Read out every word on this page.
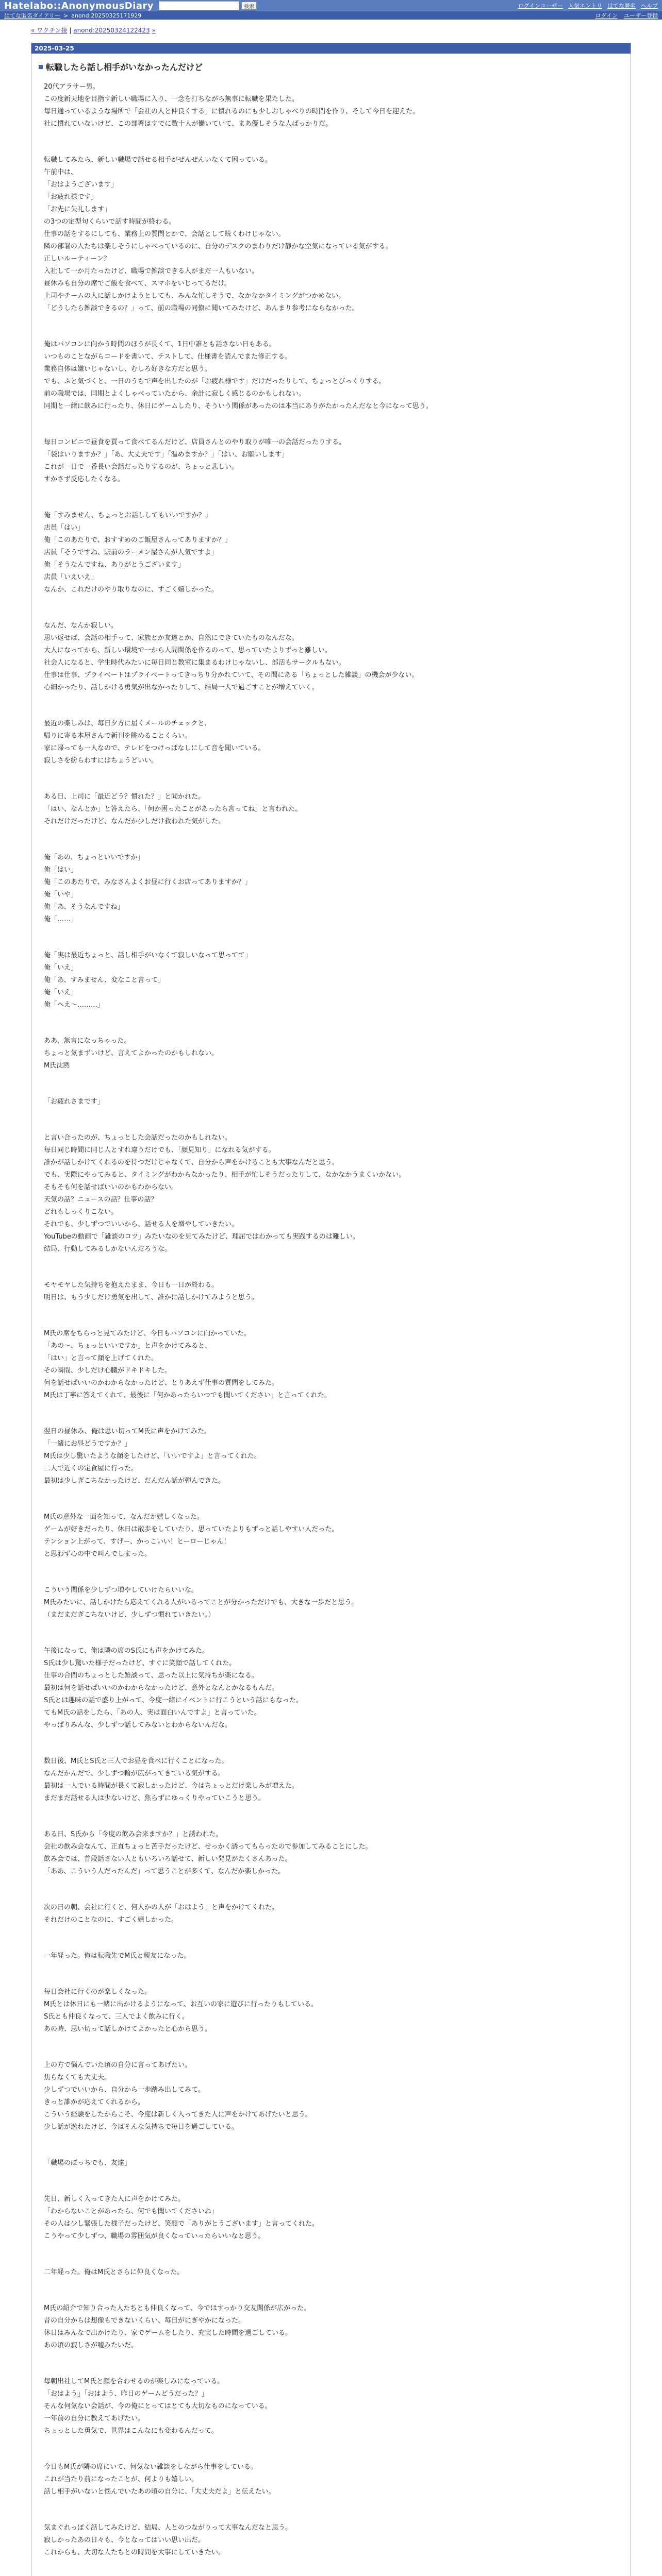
Hatelabo::AnonymousDiary	検索	ログインユーザー 人気エントリ はてな匿名 ヘルプ
はてな匿名ダイアリー > anond:20250325171929	ログイン ユーザー登録
« ワクチン接 | anond:20250324122423 »
2025-03-25
転職したら話し相手がいなかったんだけど
20代アラサー男。
この度新天地を目指す新しい職場に入り、一念を打ちながら無事に転職を果たした。
毎日通っているような場所で「会社の人と仲良くする」に慣れるのにも少しおしゃべりの時間を作り、そして今日を迎えた。
社に慣れていないけど、この部署はすでに数十人が働いていて、まあ優しそうな人ばっかりだ。
転職してみたら、新しい職場で話せる相手がぜんぜんいなくて困っている。
午前中は、
「おはようございます」
「お疲れ様です」
「お先に失礼します」
の3つの定型句くらいで話す時間が終わる。
仕事の話をするにしても、業務上の質問とかで、会話として続くわけじゃない。
隣の部署の人たちは楽しそうにしゃべっているのに、自分のデスクのまわりだけ静かな空気になっている気がする。
正しいルーティーン？
入社して一か月たったけど、職場で雑談できる人がまだ一人もいない。
昼休みも自分の席でご飯を食べて、スマホをいじってるだけ。
上司やチームの人に話しかけようとしても、みんな忙しそうで、なかなかタイミングがつかめない。
「どうしたら雑談できるの？」って、前の職場の同僚に聞いてみたけど、あんまり参考にならなかった。
俺はパソコンに向かう時間のほうが長くて、1日中誰とも話さない日もある。
いつものことながらコードを書いて、テストして、仕様書を読んでまた修正する。
業務自体は嫌いじゃないし、むしろ好きな方だと思う。
でも、ふと気づくと、一日のうちで声を出したのが「お疲れ様です」だけだったりして、ちょっとびっくりする。
前の職場では、同期とよくしゃべっていたから、余計に寂しく感じるのかもしれない。
同期と一緒に飲みに行ったり、休日にゲームしたり、そういう関係があったのは本当にありがたかったんだなと今になって思う。
毎日コンビニで昼食を買って食べてるんだけど、店員さんとのやり取りが唯一の会話だったりする。
「袋はいりますか？」「あ、大丈夫です」「温めますか？」「はい、お願いします」
これが一日で一番長い会話だったりするのが、ちょっと悲しい。
すかさず反応したくなる。
俺「すみません、ちょっとお話ししてもいいですか？」
店員「はい」
俺「このあたりで、おすすめのご飯屋さんってありますか？」
店員「そうですね、駅前のラーメン屋さんが人気ですよ」
俺「そうなんですね、ありがとうございます」
店員「いえいえ」
なんか、これだけのやり取りなのに、すごく嬉しかった。
なんだ、なんか寂しい。
思い返せば、会話の相手って、家族とか友達とか、自然にできていたものなんだな。
大人になってから、新しい環境で一から人間関係を作るのって、思っていたよりずっと難しい。
社会人になると、学生時代みたいに毎日同じ教室に集まるわけじゃないし、部活もサークルもない。
仕事は仕事、プライベートはプライベートってきっちり分かれていて、その間にある「ちょっとした雑談」の機会が少ない。
心細かったり、話しかける勇気が出なかったりして、結局一人で過ごすことが増えていく。
最近の楽しみは、毎日夕方に届くメールのチェックと、
帰りに寄る本屋さんで新刊を眺めることくらい。
家に帰っても一人なので、テレビをつけっぱなしにして音を聞いている。
寂しさを紛らわすにはちょうどいい。
ある日、上司に「最近どう？慣れた？」と聞かれた。
「はい、なんとか」と答えたら、「何か困ったことがあったら言ってね」と言われた。
それだけだったけど、なんだか少しだけ救われた気がした。
俺「あの、ちょっといいですか」
俺「はい」
俺「このあたりで、みなさんよくお昼に行くお店ってありますか？」
俺「いや」
俺「あ、そうなんですね」
俺「……」
俺「実は最近ちょっと、話し相手がいなくて寂しいなって思ってて」
俺「いえ」
俺「あ、すみません、変なこと言って」
俺「いえ」
俺「へえ〜………」
ああ、無言になっちゃった。
ちょっと気まずいけど、言えてよかったのかもしれない。
M氏沈黙
「お疲れさまです」
と言い合ったのが、ちょっとした会話だったのかもしれない。
毎日同じ時間に同じ人とすれ違うだけでも、「顔見知り」になれる気がする。
誰かが話しかけてくれるのを待つだけじゃなくて、自分から声をかけることも大事なんだと思う。
でも、実際にやってみると、タイミングがわからなかったり、相手が忙しそうだったりして、なかなかうまくいかない。
そもそも何を話せばいいのかもわからない。
天気の話？ニュースの話？仕事の話？
どれもしっくりこない。
それでも、少しずつでいいから、話せる人を増やしていきたい。
YouTubeの動画で「雑談のコツ」みたいなのを見てみたけど、理屈ではわかっても実践するのは難しい。
結局、行動してみるしかないんだろうな。
モヤモヤした気持ちを抱えたまま、今日も一日が終わる。
明日は、もう少しだけ勇気を出して、誰かに話しかけてみようと思う。
M氏の席をちらっと見てみたけど、今日もパソコンに向かっていた。
「あの〜、ちょっといいですか」と声をかけてみると、
「はい」と言って顔を上げてくれた。
その瞬間、少しだけ心臓がドキドキした。
何を話せばいいのかわからなかったけど、とりあえず仕事の質問をしてみた。
M氏は丁寧に答えてくれて、最後に「何かあったらいつでも聞いてください」と言ってくれた。
翌日の昼休み、俺は思い切ってM氏に声をかけてみた。
「一緒にお昼どうですか？」
M氏は少し驚いたような顔をしたけど、「いいですよ」と言ってくれた。
二人で近くの定食屋に行った。
最初は少しぎこちなかったけど、だんだん話が弾んできた。
M氏の意外な一面を知って、なんだか嬉しくなった。
ゲームが好きだったり、休日は散歩をしていたり、思っていたよりもずっと話しやすい人だった。
テンション上がって、すげー、かっこいい！ヒーローじゃん！
と思わず心の中で叫んでしまった。
こういう関係を少しずつ増やしていけたらいいな。
M氏みたいに、話しかけたら応えてくれる人がいるってことが分かっただけでも、大きな一歩だと思う。
（まだまだぎこちないけど、少しずつ慣れていきたい。）
午後になって、俺は隣の席のS氏にも声をかけてみた。
S氏は少し驚いた様子だったけど、すぐに笑顔で話してくれた。
仕事の合間のちょっとした雑談って、思った以上に気持ちが楽になる。
最初は何を話せばいいのかわからなかったけど、意外となんとかなるもんだ。
S氏とは趣味の話で盛り上がって、今度一緒にイベントに行こうという話にもなった。
てもM氏の話をしたら、「あの人、実は面白いんですよ」と言っていた。
やっぱりみんな、少しずつ話してみないとわからないんだな。
数日後、M氏とS氏と三人でお昼を食べに行くことになった。
なんだかんだで、少しずつ輪が広がってきている気がする。
最初は一人でいる時間が長くて寂しかったけど、今はちょっとだけ楽しみが増えた。
まだまだ話せる人は少ないけど、焦らずにゆっくりやっていこうと思う。
ある日、S氏から「今度の飲み会来ますか？」と誘われた。
会社の飲み会なんて、正直ちょっと苦手だったけど、せっかく誘ってもらったので参加してみることにした。
飲み会では、普段話さない人ともいろいろ話せて、新しい発見がたくさんあった。
「ああ、こういう人だったんだ」って思うことが多くて、なんだか楽しかった。
次の日の朝、会社に行くと、何人かの人が「おはよう」と声をかけてくれた。
それだけのことなのに、すごく嬉しかった。
一年経った。俺は転職先でM氏と親友になった。
毎日会社に行くのが楽しくなった。
M氏とは休日にも一緒に出かけるようになって、お互いの家に遊びに行ったりもしている。
S氏とも仲良くなって、三人でよく飲みに行く。
あの時、思い切って話しかけてよかったと心から思う。
上の方で悩んでいた頃の自分に言ってあげたい。
焦らなくても大丈夫。
少しずつでいいから、自分から一歩踏み出してみて。
きっと誰かが応えてくれるから。
こういう経験をしたからこそ、今度は新しく入ってきた人に声をかけてあげたいと思う。
少し話が逸れたけど、今はそんな気持ちで毎日を過ごしている。
「職場のぼっちでも、友達」
先日、新しく入ってきた人に声をかけてみた。
「わからないことがあったら、何でも聞いてくださいね」
その人は少し緊張した様子だったけど、笑顔で「ありがとうございます」と言ってくれた。
こうやって少しずつ、職場の雰囲気が良くなっていったらいいなと思う。
二年経った。俺はM氏とさらに仲良くなった。
M氏の紹介で知り合った人たちとも仲良くなって、今ではすっかり交友関係が広がった。
昔の自分からは想像もできないくらい、毎日がにぎやかになった。
休日はみんなで出かけたり、家でゲームをしたり、充実した時間を過ごしている。
あの頃の寂しさが嘘みたいだ。
毎朝出社してM氏と顔を合わせるのが楽しみになっている。
「おはよう」「おはよう、昨日のゲームどうだった？」
そんな何気ない会話が、今の俺にとってはとても大切なものになっている。
一年前の自分に教えてあげたい。
ちょっとした勇気で、世界はこんなにも変わるんだって。
今日もM氏が隣の席にいて、何気ない雑談をしながら仕事をしている。
これが当たり前になったことが、何よりも嬉しい。
話し相手がいないと悩んでいたあの頃の自分に、「大丈夫だよ」と伝えたい。
気まぐれっぽく話してみたけど、結局、人とのつながりって大事なんだなと思う。
寂しかったあの日々も、今となってはいい思い出だ。
これからも、大切な人たちとの時間を大事にしていきたい。
